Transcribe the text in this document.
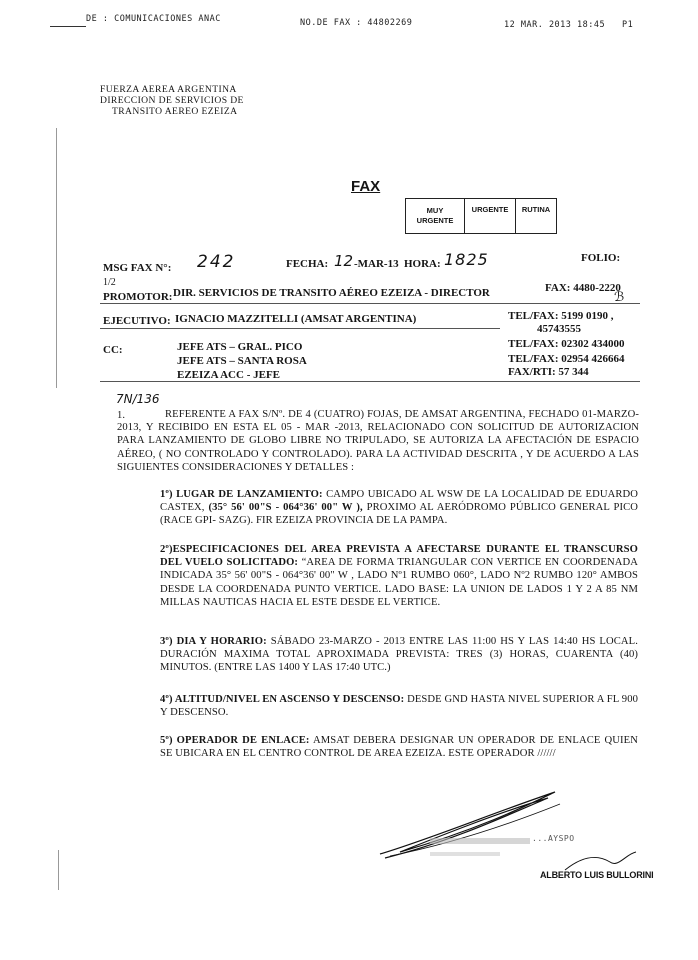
DE : COMUNICACIONES ANAC	NO.DE FAX : 44802269	12 MAR. 2013 18:45 P1
FUERZA AEREA ARGENTINA
DIRECCION DE SERVICIOS DE
TRANSITO AEREO EZEIZA
FAX
MUY URGENTE	URGENTE	RUTINA
MSG FAX N°: 242	FECHA: 12 -MAR-13 HORA: 1825	FOLIO:
1/2
PROMOTOR: DIR. SERVICIOS DE TRANSITO AÉREO EZEIZA - DIRECTOR	FAX: 4480-2220
ℬ
EJECUTIVO: IGNACIO MAZZITELLI (AMSAT ARGENTINA)	TEL/FAX: 5199 0190 ,
45743555
CC:	JEFE ATS – GRAL. PICO	TEL/FAX: 02302 434000
JEFE ATS – SANTA ROSA	TEL/FAX: 02954 426664
EZEIZA ACC - JEFE	FAX/RTI: 57 344
7N/136
1.	REFERENTE A FAX S/Nº. DE 4 (CUATRO) FOJAS, DE AMSAT ARGENTINA, FECHADO 01-MARZO-2013, Y RECIBIDO EN ESTA EL 05 - MAR -2013, RELACIONADO CON SOLICITUD DE AUTORIZACION PARA LANZAMIENTO DE GLOBO LIBRE NO TRIPULADO, SE AUTORIZA LA AFECTACIÓN DE ESPACIO AÉREO, ( NO CONTROLADO Y CONTROLADO). PARA LA ACTIVIDAD DESCRITA , Y DE ACUERDO A LAS SIGUIENTES CONSIDERACIONES Y DETALLES :
1º) LUGAR DE LANZAMIENTO: CAMPO UBICADO AL WSW DE LA LOCALIDAD DE EDUARDO CASTEX, (35° 56' 00"S - 064°36' 00" W ), PROXIMO AL AERÓDROMO PÚBLICO GENERAL PICO (RACE GPI- SAZG). FIR EZEIZA PROVINCIA DE LA PAMPA.
2º)ESPECIFICACIONES DEL AREA PREVISTA A AFECTARSE DURANTE EL TRANSCURSO DEL VUELO SOLICITADO: “AREA DE FORMA TRIANGULAR CON VERTICE EN COORDENADA INDICADA 35° 56' 00"S - 064°36' 00" W , LADO Nº1 RUMBO 060°, LADO Nº2 RUMBO 120° AMBOS DESDE LA COORDENADA PUNTO VERTICE. LADO BASE: LA UNION DE LADOS 1 Y 2 A 85 NM MILLAS NAUTICAS HACIA EL ESTE DESDE EL VERTICE.
3º) DIA Y HORARIO: SÁBADO 23-MARZO - 2013 ENTRE LAS 11:00 HS Y LAS 14:40 HS LOCAL. DURACIÓN MAXIMA TOTAL APROXIMADA PREVISTA: TRES (3) HORAS, CUARENTA (40) MINUTOS. (ENTRE LAS 1400 Y LAS 17:40 UTC.)
4º) ALTITUD/NIVEL EN ASCENSO Y DESCENSO: DESDE GND HASTA NIVEL SUPERIOR A FL 900 Y DESCENSO.
5º) OPERADOR DE ENLACE: AMSAT DEBERA DESIGNAR UN OPERADOR DE ENLACE QUIEN SE UBICARA EN EL CENTRO CONTROL DE AREA EZEIZA. ESTE OPERADOR //////
...AYSPO
ALBERTO LUIS BULLORINI
